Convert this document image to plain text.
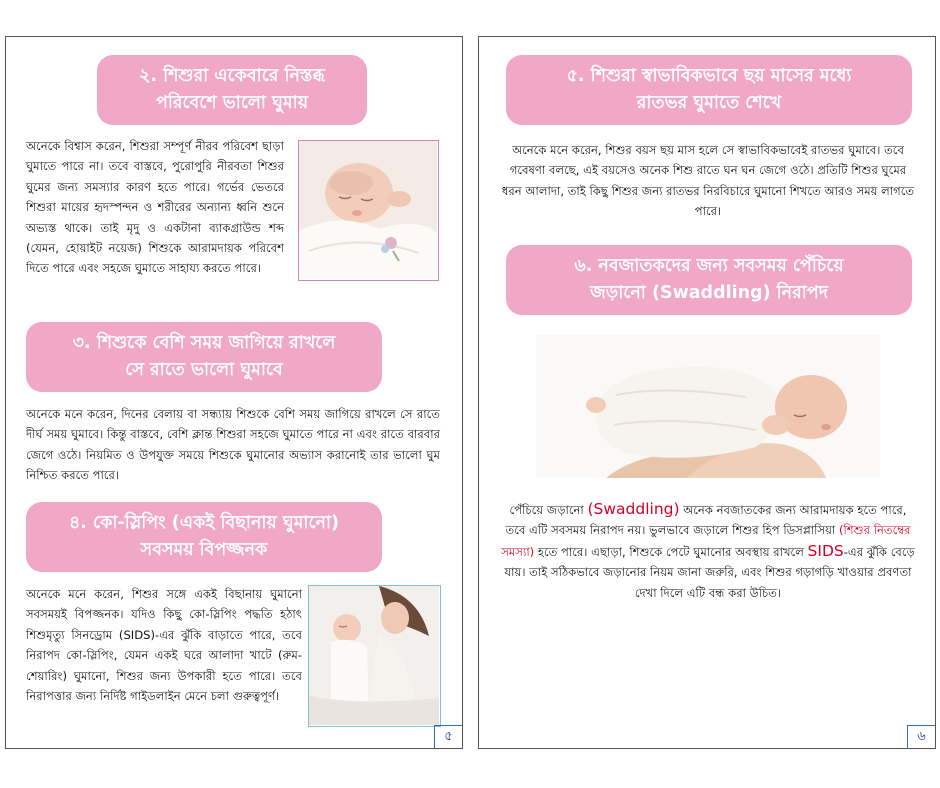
২. শিশুরা একেবারে নিস্তব্ধ
পরিবেশে ভালো ঘুমায়

অনেকে বিশ্বাস করেন, শিশুরা সম্পূর্ণ নীরব পরিবেশ ছাড়া ঘুমাতে পারে না। তবে বাস্তবে, পুরোপুরি নীরবতা শিশুর ঘুমের জন্য সমস্যার কারণ হতে পারে। গর্ভের ভেতরে শিশুরা মায়ের হৃদস্পন্দন ও শরীরের অন্যান্য ধ্বনি শুনে অভ্যস্ত থাকে। তাই মৃদু ও একটানা ব্যাকগ্রাউন্ড শব্দ (যেমন, হোয়াইট নয়েজ) শিশুকে আরামদায়ক পরিবেশ দিতে পারে এবং সহজে ঘুমাতে সাহায্য করতে পারে।

৩. শিশুকে বেশি সময় জাগিয়ে রাখলে
সে রাতে ভালো ঘুমাবে

অনেকে মনে করেন, দিনের বেলায় বা সন্ধ্যায় শিশুকে বেশি সময় জাগিয়ে রাখলে সে রাতে দীর্ঘ সময় ঘুমাবে। কিন্তু বাস্তবে, বেশি ক্লান্ত শিশুরা সহজে ঘুমাতে পারে না এবং রাতে বারবার জেগে ওঠে। নিয়মিত ও উপযুক্ত সময়ে শিশুকে ঘুমানোর অভ্যাস করানোই তার ভালো ঘুম নিশ্চিত করতে পারে।

৪. কো-স্লিপিং (একই বিছানায় ঘুমানো)
সবসময় বিপজ্জনক

অনেকে মনে করেন, শিশুর সঙ্গে একই বিছানায় ঘুমানো সবসময়ই বিপজ্জনক। যদিও কিছু কো-স্লিপিং পদ্ধতি হঠাৎ শিশুমৃত্যু সিনড্রোম (SIDS)-এর ঝুঁকি বাড়াতে পারে, তবে নিরাপদ কো-স্লিপিং, যেমন একই ঘরে আলাদা খাটে (রুম-শেয়ারিং) ঘুমানো, শিশুর জন্য উপকারী হতে পারে। তবে নিরাপত্তার জন্য নির্দিষ্ট গাইডলাইন মেনে চলা গুরুত্বপূর্ণ।

৫
৫. শিশুরা স্বাভাবিকভাবে ছয় মাসের মধ্যে
রাতভর ঘুমাতে শেখে

অনেকে মনে করেন, শিশুর বয়স ছয় মাস হলে সে স্বাভাবিকভাবেই রাতভর ঘুমাবে। তবে গবেষণা বলছে, এই বয়সেও অনেক শিশু রাতে ঘন ঘন জেগে ওঠে। প্রতিটি শিশুর ঘুমের ধরন আলাদা, তাই কিছু শিশুর জন্য রাতভর নিরবিচারে ঘুমানো শিখতে আরও সময় লাগতে পারে।

৬. নবজাতকদের জন্য সবসময় পেঁচিয়ে
জড়ানো (Swaddling) নিরাপদ

পেঁচিয়ে জড়ানো (Swaddling) অনেক নবজাতকের জন্য আরামদায়ক হতে পারে, তবে এটি সবসময় নিরাপদ নয়। ভুলভাবে জড়ালে শিশুর হিপ ডিসপ্লাসিয়া (শিশুর নিতম্বের সমস্যা) হতে পারে। এছাড়া, শিশুকে পেটে ঘুমানোর অবস্থায় রাখলে SIDS-এর ঝুঁকি বেড়ে যায়। তাই সঠিকভাবে জড়ানোর নিয়ম জানা জরুরি, এবং শিশুর গড়াগড়ি খাওয়ার প্রবণতা দেখা দিলে এটি বন্ধ করা উচিত।

৬
